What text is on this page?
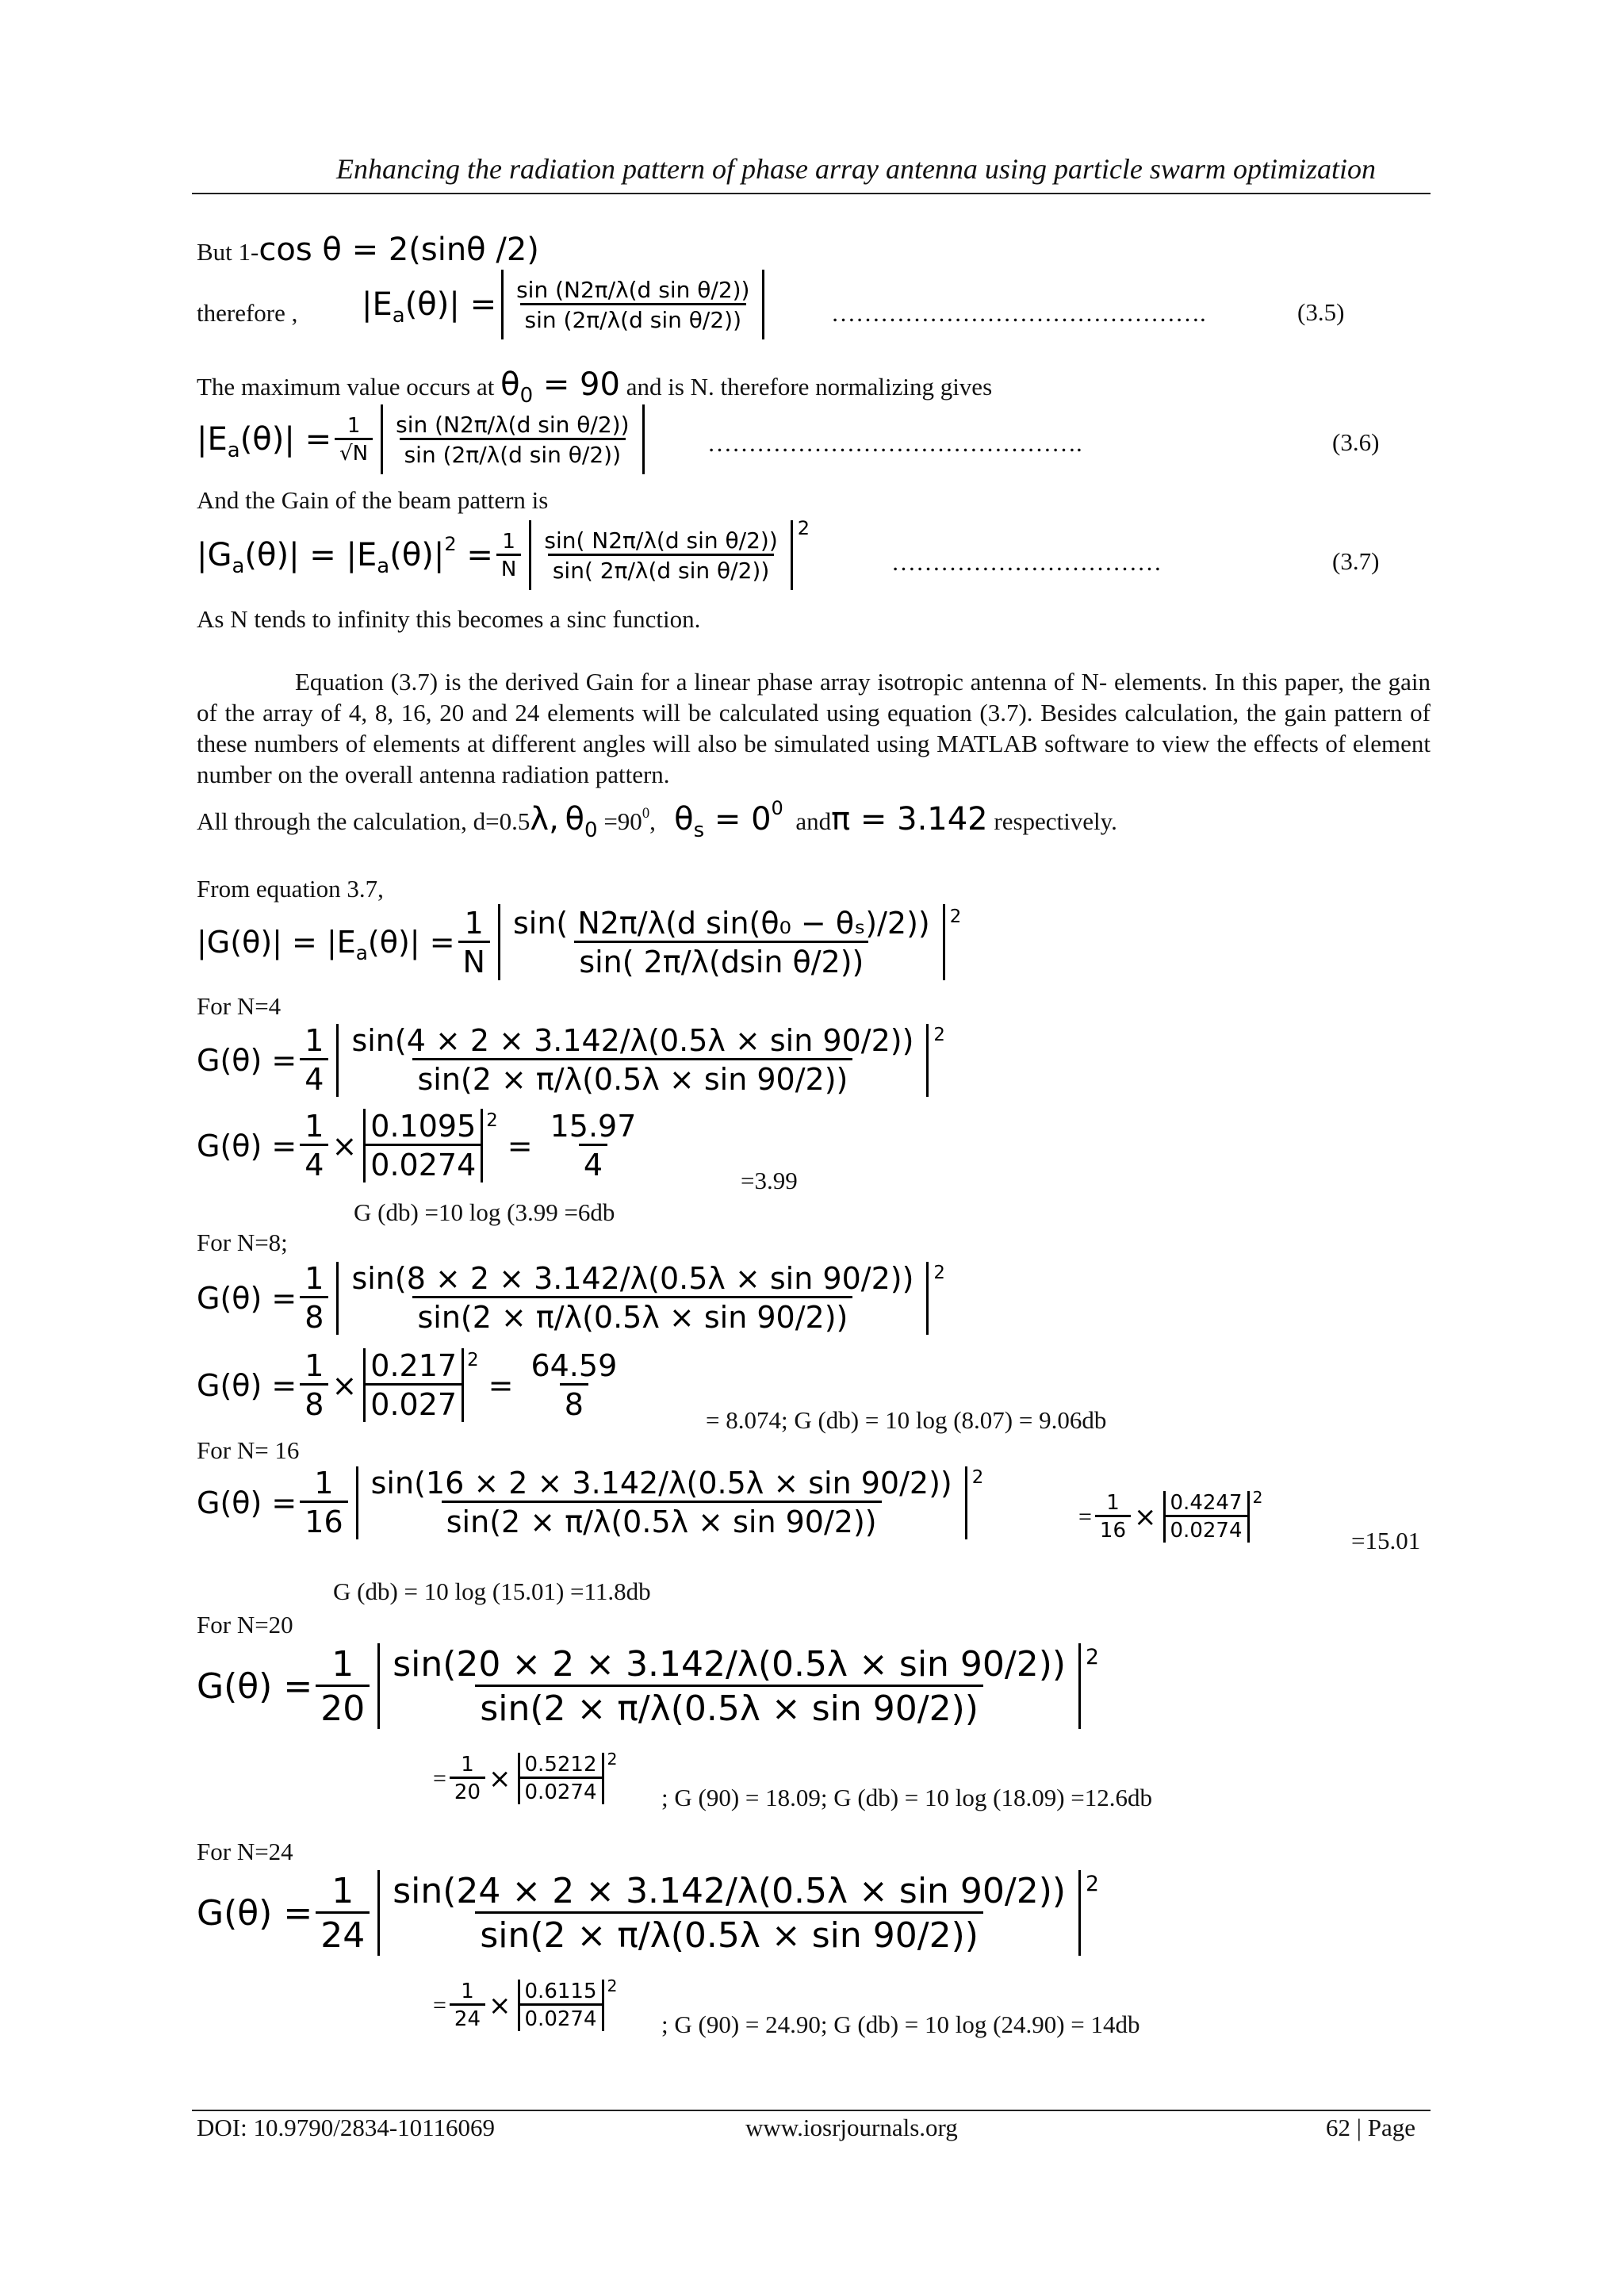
Enhancing the radiation pattern of phase array antenna using particle swarm optimization
But 1-cos θ = 2(sinθ /2)
therefore , $|E_a(\theta)| = \frac{\text{sin (N2π/λ(d sin θ/2))}}{\text{sin (2π/λ(d sin θ/2))}}$	……………………………………….	(3.5)
The maximum value occurs at $\theta_0 = 90$ and is N. therefore normalizing gives
$|E_a(\theta)| = \frac{1}{√N} \frac{\text{sin (N2π/λ(d sin θ/2))}}{\text{sin (2π/λ(d sin θ/2))}}$	……………………………………….	(3.6)
And the Gain of the beam pattern is
$|G_a(\theta)| = |E_a(\theta)|^2 = \frac{1}{N} \frac{\text{sin( N2π/λ(d sin θ/2))}}{\text{sin( 2π/λ(d sin θ/2))}} 2$
……………………………	(3.7)
As N tends to infinity this becomes a sinc function.
Equation (3.7) is the derived Gain for a linear phase array isotropic antenna of N- elements. In this paper, the gain of the array of 4, 8, 16, 20 and 24 elements will be calculated using equation (3.7). Besides calculation, the gain pattern of these numbers of elements at different angles will also be simulated using MATLAB software to view the effects of element number on the overall antenna radiation pattern.
All through the calculation, d=0.5λ, $\theta_0 =90^0$, $\theta_s = 0^0$ andπ = 3.142 respectively.
From equation 3.7,
$|G(\theta)| = |E_a(\theta)| = \frac{1}{N} \frac{\text{sin( N2π/λ(d sin(θ₀ − θₛ)/2))}}{\text{sin( 2π/λ(dsin θ/2))}} 2$
For N=4
$G(\theta) = \frac{1}{4} \frac{\sin(4 \times 2 \times 3.142/\lambda(0.5\lambda \times \sin 90/2))}{\sin(2 \times \pi/\lambda(0.5\lambda \times \sin 90/2))} 2$
$G(\theta) = \frac{1}{4} \times \frac{0.1095}{0.0274} 2$
= $\frac{15.97}{4}$	=3.99
G (db) =10 log (3.99 =6db
For N=8;
$G(\theta) = \frac{1}{8} \frac{\sin(8 \times 2 \times 3.142/\lambda(0.5\lambda \times \sin 90/2))}{\sin(2 \times \pi/\lambda(0.5\lambda \times \sin 90/2))} 2$
$G(\theta) = \frac{1}{8} \times \frac{0.217}{0.027} 2$
= $\frac{64.59}{8}$	= 8.074; G (db) = 10 log (8.07) = 9.06db
For N= 16
$G(\theta) = \frac{1}{16} \frac{\sin(16 \times 2 \times 3.142/\lambda(0.5\lambda \times \sin 90/2))}{\sin(2 \times \pi/\lambda(0.5\lambda \times \sin 90/2))} 2$
= $\frac{1}{16} \times \frac{0.4247}{0.0274} 2$
=15.01
G (db) = 10 log (15.01) =11.8db
For N=20
$G(\theta) = \frac{1}{20} \frac{\sin(20 \times 2 \times 3.142/\lambda(0.5\lambda \times \sin 90/2))}{\sin(2 \times \pi/\lambda(0.5\lambda \times \sin 90/2))} 2$
= $\frac{1}{20} \times \frac{0.5212}{0.0274} 2$
; G (90) = 18.09; G (db) = 10 log (18.09) =12.6db
For N=24
$G(\theta) = \frac{1}{24} \frac{\sin(24 \times 2 \times 3.142/\lambda(0.5\lambda \times \sin 90/2))}{\sin(2 \times \pi/\lambda(0.5\lambda \times \sin 90/2))} 2$
= $\frac{1}{24} \times \frac{0.6115}{0.0274} 2$
; G (90) = 24.90; G (db) = 10 log (24.90) = 14db
DOI: 10.9790/2834-10116069	www.iosrjournals.org	62 | Page
